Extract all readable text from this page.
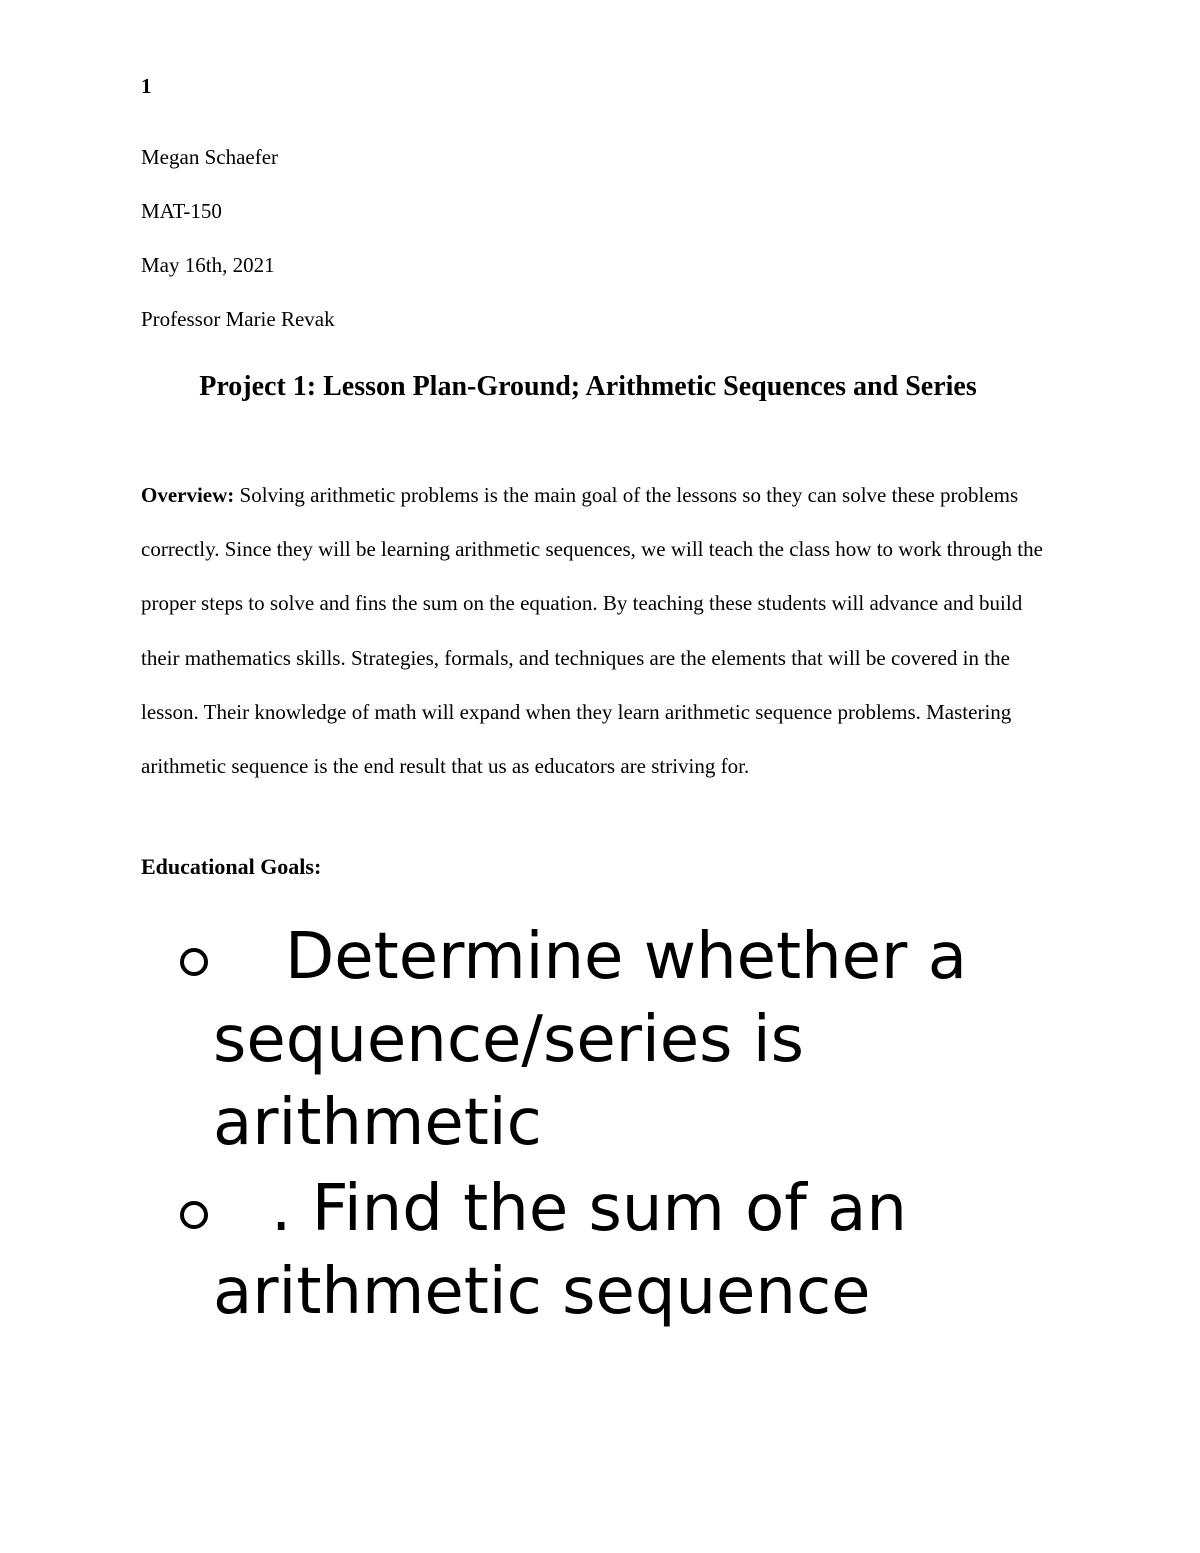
1
Megan Schaefer
MAT-150
May 16th, 2021
Professor Marie Revak
Project 1: Lesson Plan-Ground; Arithmetic Sequences and Series

Overview: Solving arithmetic problems is the main goal of the lessons so they can solve these problems correctly. Since they will be learning arithmetic sequences, we will teach the class how to work through the proper steps to solve and fins the sum on the equation. By teaching these students will advance and build their mathematics skills. Strategies, formals, and techniques are the elements that will be covered in the lesson. Their knowledge of math will expand when they learn arithmetic sequence problems. Mastering arithmetic sequence is the end result that us as educators are striving for.

Educational Goals:
Determine whether a sequence/series is arithmetic
. Find the sum of an arithmetic sequence
